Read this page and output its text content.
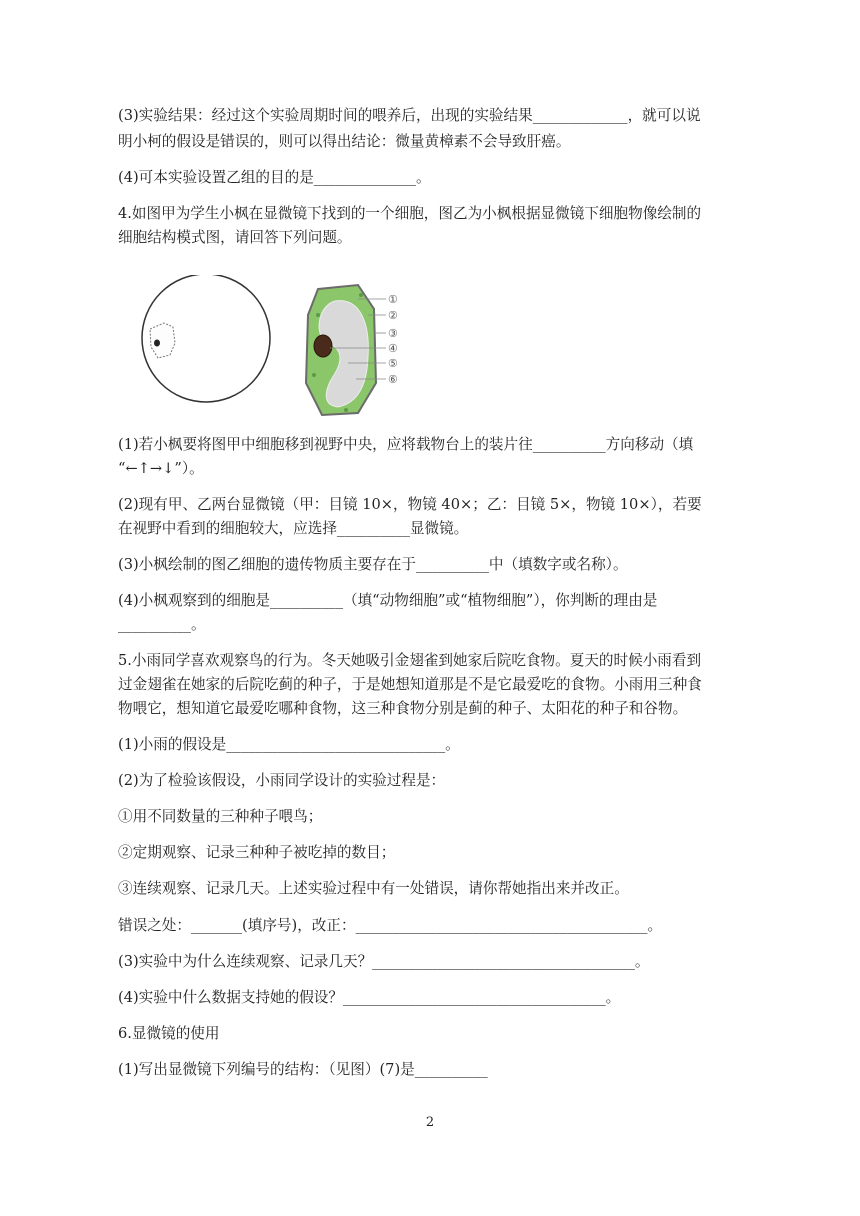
(3)实验结果：经过这个实验周期时间的喂养后，出现的实验结果_____________，就可以说
明小柯的假设是错误的，则可以得出结论：微量黄樟素不会导致肝癌。
(4)可本实验设置乙组的目的是______________。
4.如图甲为学生小枫在显微镜下找到的一个细胞，图乙为小枫根据显微镜下细胞物像绘制的
细胞结构模式图，请回答下列问题。
①
②
③
④
⑤
⑥
(1)若小枫要将图甲中细胞移到视野中央，应将载物台上的装片往__________方向移动（填
“←↑→↓”）。
(2)现有甲、乙两台显微镜（甲：目镜 10×，物镜 40×；乙：目镜 5×，物镜 10×），若要
在视野中看到的细胞较大，应选择__________显微镜。
(3)小枫绘制的图乙细胞的遗传物质主要存在于__________中（填数字或名称）。
(4)小枫观察到的细胞是__________（填“动物细胞”或“植物细胞”），你判断的理由是
__________。
5.小雨同学喜欢观察鸟的行为。冬天她吸引金翅雀到她家后院吃食物。夏天的时候小雨看到
过金翅雀在她家的后院吃蓟的种子，于是她想知道那是不是它最爱吃的食物。小雨用三种食
物喂它，想知道它最爱吃哪种食物，这三种食物分别是蓟的种子、太阳花的种子和谷物。
(1)小雨的假设是______________________________。
(2)为了检验该假设，小雨同学设计的实验过程是：
①用不同数量的三种种子喂鸟；
②定期观察、记录三种种子被吃掉的数目；
③连续观察、记录几天。上述实验过程中有一处错误，请你帮她指出来并改正。
错误之处：_______(填序号)，改正：________________________________________。
(3)实验中为什么连续观察、记录几天？____________________________________。
(4)实验中什么数据支持她的假设？____________________________________。
6.显微镜的使用
(1)写出显微镜下列编号的结构：（见图）(7)是__________
2
